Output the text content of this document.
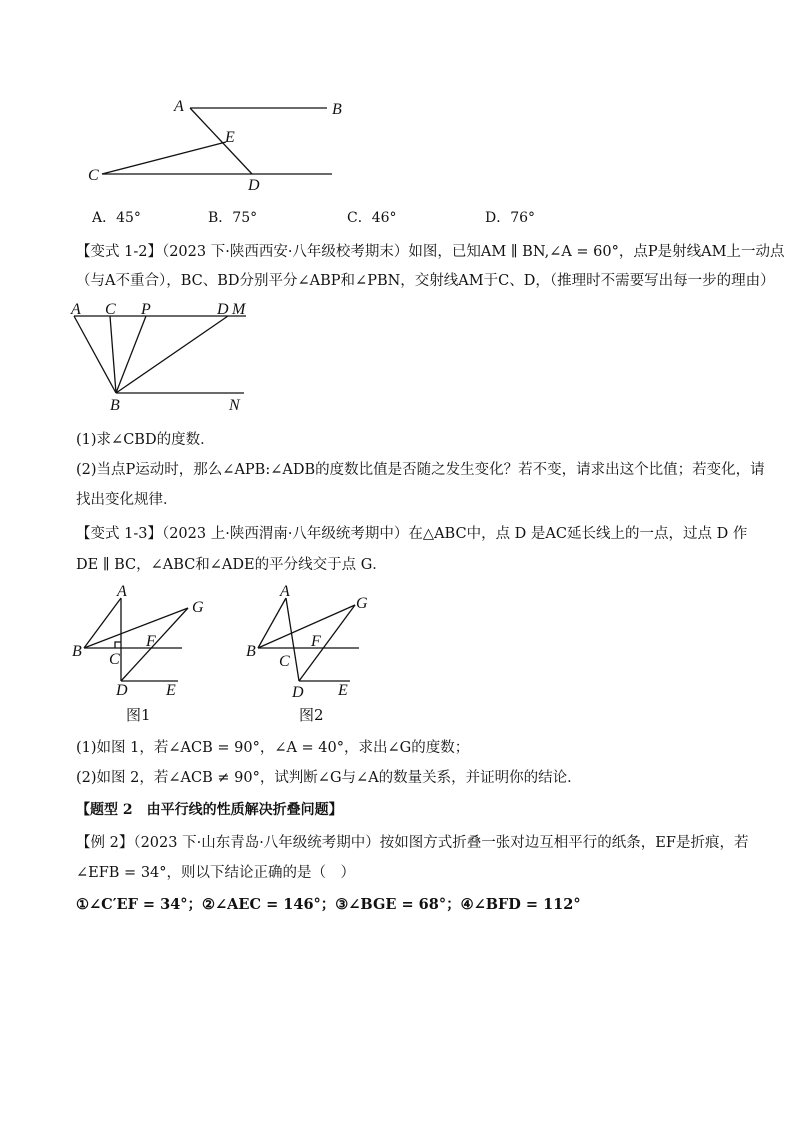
A	B
E
C
D
A．45°	B．75°	C．46°	D．76°
【变式 1-2】（2023 下·陕西西安·八年级校考期末）如图，已知AM ∥ BN,∠A = 60°，点P是射线AM上一动点
（与A不重合），BC、BD分别平分∠ABP和∠PBN，交射线AM于C、D，（推理时不需要写出每一步的理由）
A C P	D M
B	N
(1)求∠CBD的度数．
(2)当点P运动时，那么∠APB:∠ADB的度数比值是否随之发生变化？若不变，请求出这个比值；若变化，请
找出变化规律．
【变式 1-3】（2023 上·陕西渭南·八年级统考期中）在△ABC中，点 D 是AC延长线上的一点，过点 D 作
DE ∥ BC，∠ABC和∠ADE的平分线交于点 G．
A
G
F
B C
D E
A
G
F
B
C
D E
图1	图2
(1)如图 1，若∠ACB = 90°，∠A = 40°，求出∠G的度数；
(2)如图 2，若∠ACB ≠ 90°，试判断∠G与∠A的数量关系，并证明你的结论．
【题型 2　由平行线的性质解决折叠问题】
【例 2】（2023 下·山东青岛·八年级统考期中）按如图方式折叠一张对边互相平行的纸条，EF是折痕，若
∠EFB = 34°，则以下结论正确的是（　）
①∠C′EF = 34°；②∠AEC = 146°；③∠BGE = 68°；④∠BFD = 112°
